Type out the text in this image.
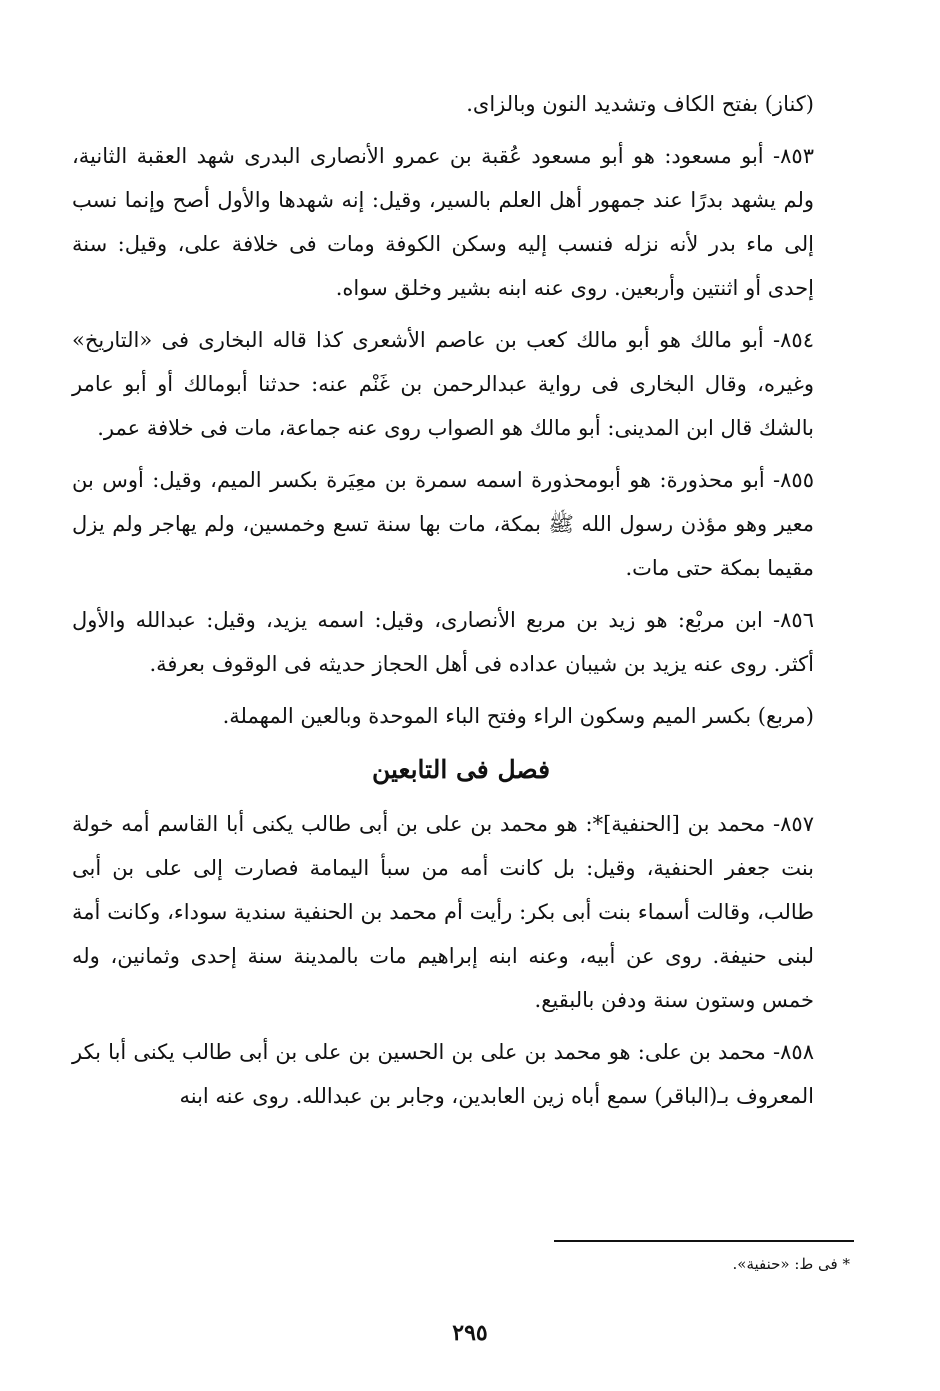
(كناز) بفتح الكاف وتشديد النون وبالزاى.

٨٥٣- أبو مسعود: هو أبو مسعود عُقبة بن عمرو الأنصارى البدرى شهد العقبة الثانية، ولم يشهد بدرًا عند جمهور أهل العلم بالسير، وقيل: إنه شهدها والأول أصح وإنما نسب إلى ماء بدر لأنه نزله فنسب إليه وسكن الكوفة ومات فى خلافة على، وقيل: سنة إحدى أو اثنتين وأربعين. روى عنه ابنه بشير وخلق سواه.

٨٥٤- أبو مالك هو أبو مالك كعب بن عاصم الأشعرى كذا قاله البخارى فى «التاريخ» وغيره، وقال البخارى فى رواية عبدالرحمن بن غَنْم عنه: حدثنا أبومالك أو أبو عامر بالشك قال ابن المدينى: أبو مالك هو الصواب روى عنه جماعة، مات فى خلافة عمر.

٨٥٥- أبو محذورة: هو أبومحذورة اسمه سمرة بن معِيَرة بكسر الميم، وقيل: أوس بن معير وهو مؤذن رسول الله ﷺ بمكة، مات بها سنة تسع وخمسين، ولم يهاجر ولم يزل مقيما بمكة حتى مات.

٨٥٦- ابن مربْع: هو زيد بن مربع الأنصارى، وقيل: اسمه يزيد، وقيل: عبدالله والأول أكثر. روى عنه يزيد بن شيبان عداده فى أهل الحجاز حديثه فى الوقوف بعرفة.

(مربع) بكسر الميم وسكون الراء وفتح الباء الموحدة وبالعين المهملة.

فصل فى التابعين

٨٥٧- محمد بن [الحنفية]*: هو محمد بن على بن أبى طالب يكنى أبا القاسم أمه خولة بنت جعفر الحنفية، وقيل: بل كانت أمه من سبأ اليمامة فصارت إلى على بن أبى طالب، وقالت أسماء بنت أبى بكر: رأيت أم محمد بن الحنفية سندية سوداء، وكانت أمة لبنى حنيفة. روى عن أبيه، وعنه ابنه إبراهيم مات بالمدينة سنة إحدى وثمانين، وله خمس وستون سنة ودفن بالبقيع.

٨٥٨- محمد بن على: هو محمد بن على بن الحسين بن على بن أبى طالب يكنى أبا بكر المعروف بـ(الباقر) سمع أباه زين العابدين، وجابر بن عبدالله. روى عنه ابنه

* فى ط: «حنفية».
٢٩٥
